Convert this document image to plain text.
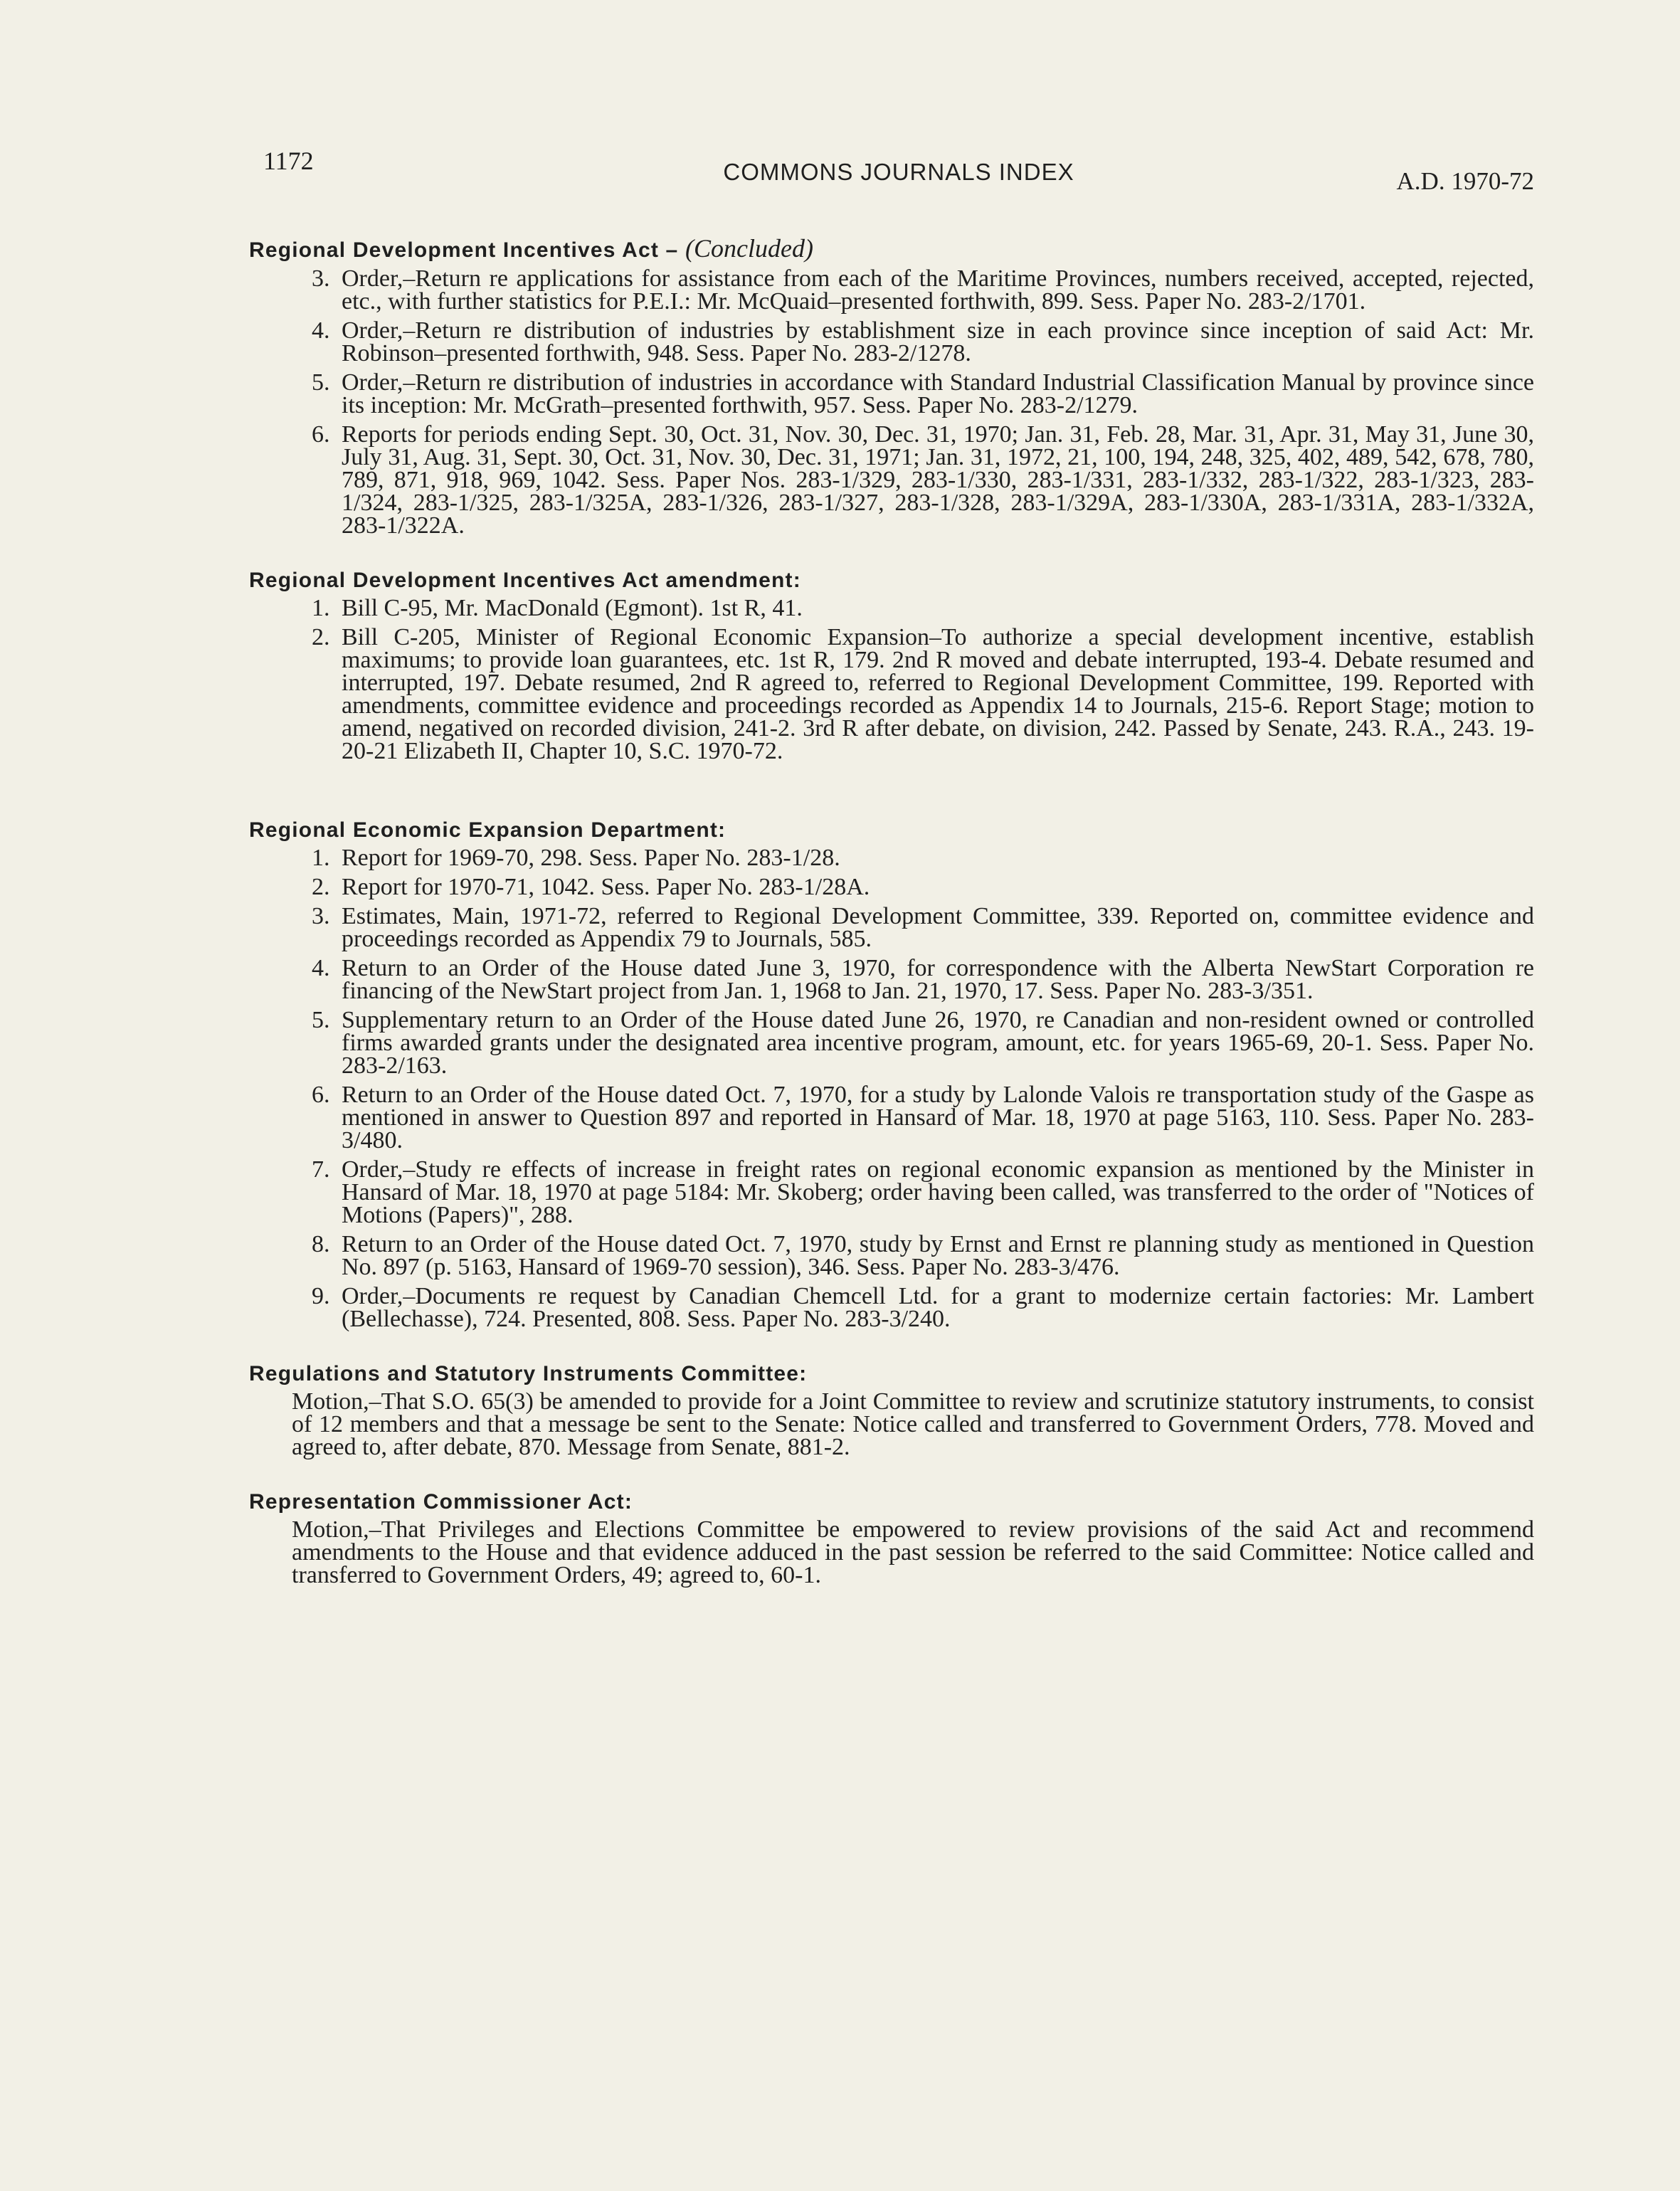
1172	COMMONS JOURNALS INDEX	A.D. 1970-72
Regional Development Incentives Act – (Concluded)
3. Order,–Return re applications for assistance from each of the Maritime Provinces, numbers received, accepted, rejected, etc., with further statistics for P.E.I.: Mr. McQuaid–presented forthwith, 899. Sess. Paper No. 283-2/1701.
4. Order,–Return re distribution of industries by establishment size in each province since inception of said Act: Mr. Robinson–presented forthwith, 948. Sess. Paper No. 283-2/1278.
5. Order,–Return re distribution of industries in accordance with Standard Industrial Classification Manual by province since its inception: Mr. McGrath–presented forthwith, 957. Sess. Paper No. 283-2/1279.
6. Reports for periods ending Sept. 30, Oct. 31, Nov. 30, Dec. 31, 1970; Jan. 31, Feb. 28, Mar. 31, Apr. 31, May 31, June 30, July 31, Aug. 31, Sept. 30, Oct. 31, Nov. 30, Dec. 31, 1971; Jan. 31, 1972, 21, 100, 194, 248, 325, 402, 489, 542, 678, 780, 789, 871, 918, 969, 1042. Sess. Paper Nos. 283-1/329, 283-1/330, 283-1/331, 283-1/332, 283-1/322, 283-1/323, 283-1/324, 283-1/325, 283-1/325A, 283-1/326, 283-1/327, 283-1/328, 283-1/329A, 283-1/330A, 283-1/331A, 283-1/332A, 283-1/322A.
Regional Development Incentives Act amendment:
1. Bill C-95, Mr. MacDonald (Egmont). 1st R, 41.
2. Bill C-205, Minister of Regional Economic Expansion–To authorize a special development incentive, establish maximums; to provide loan guarantees, etc. 1st R, 179. 2nd R moved and debate interrupted, 193-4. Debate resumed and interrupted, 197. Debate resumed, 2nd R agreed to, referred to Regional Development Committee, 199. Reported with amendments, committee evidence and proceedings recorded as Appendix 14 to Journals, 215-6. Report Stage; motion to amend, negatived on recorded division, 241-2. 3rd R after debate, on division, 242. Passed by Senate, 243. R.A., 243. 19-20-21 Elizabeth II, Chapter 10, S.C. 1970-72.
Regional Economic Expansion Department:
1. Report for 1969-70, 298. Sess. Paper No. 283-1/28.
2. Report for 1970-71, 1042. Sess. Paper No. 283-1/28A.
3. Estimates, Main, 1971-72, referred to Regional Development Committee, 339. Reported on, committee evidence and proceedings recorded as Appendix 79 to Journals, 585.
4. Return to an Order of the House dated June 3, 1970, for correspondence with the Alberta NewStart Corporation re financing of the NewStart project from Jan. 1, 1968 to Jan. 21, 1970, 17. Sess. Paper No. 283-3/351.
5. Supplementary return to an Order of the House dated June 26, 1970, re Canadian and non-resident owned or controlled firms awarded grants under the designated area incentive program, amount, etc. for years 1965-69, 20-1. Sess. Paper No. 283-2/163.
6. Return to an Order of the House dated Oct. 7, 1970, for a study by Lalonde Valois re transportation study of the Gaspe as mentioned in answer to Question 897 and reported in Hansard of Mar. 18, 1970 at page 5163, 110. Sess. Paper No. 283-3/480.
7. Order,–Study re effects of increase in freight rates on regional economic expansion as mentioned by the Minister in Hansard of Mar. 18, 1970 at page 5184: Mr. Skoberg; order having been called, was transferred to the order of "Notices of Motions (Papers)", 288.
8. Return to an Order of the House dated Oct. 7, 1970, study by Ernst and Ernst re planning study as mentioned in Question No. 897 (p. 5163, Hansard of 1969-70 session), 346. Sess. Paper No. 283-3/476.
9. Order,–Documents re request by Canadian Chemcell Ltd. for a grant to modernize certain factories: Mr. Lambert (Bellechasse), 724. Presented, 808. Sess. Paper No. 283-3/240.
Regulations and Statutory Instruments Committee:
Motion,–That S.O. 65(3) be amended to provide for a Joint Committee to review and scrutinize statutory instruments, to consist of 12 members and that a message be sent to the Senate: Notice called and transferred to Government Orders, 778. Moved and agreed to, after debate, 870. Message from Senate, 881-2.
Representation Commissioner Act:
Motion,–That Privileges and Elections Committee be empowered to review provisions of the said Act and recommend amendments to the House and that evidence adduced in the past session be referred to the said Committee: Notice called and transferred to Government Orders, 49; agreed to, 60-1.
